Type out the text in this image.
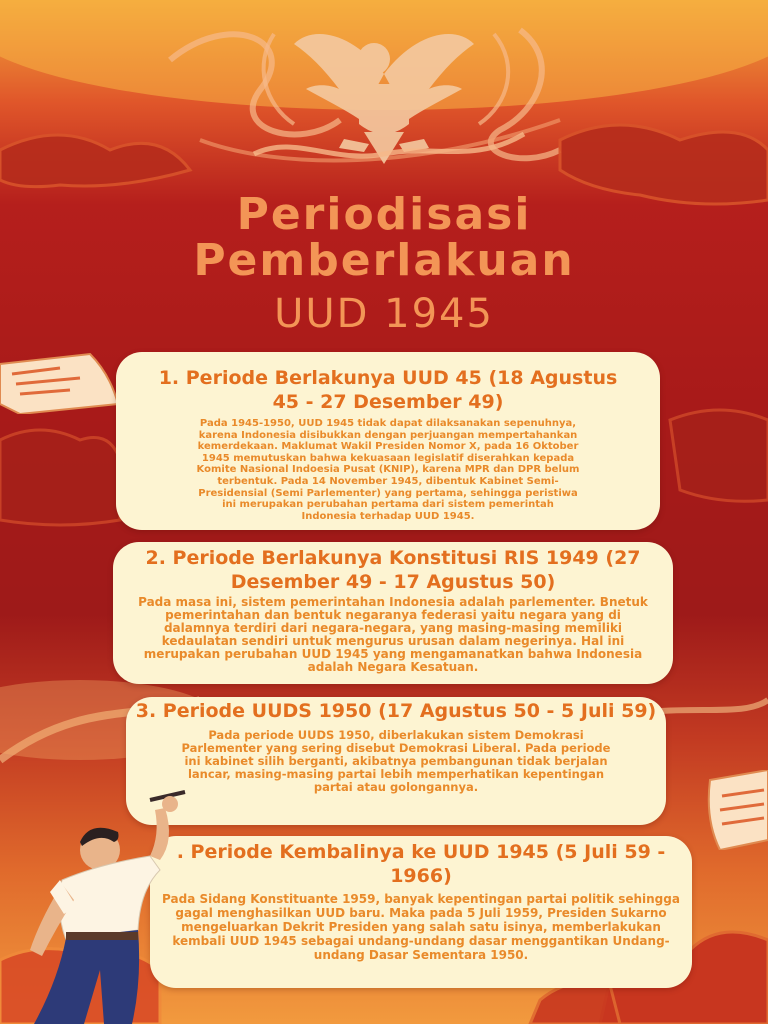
Periodisasi
Pemberlakuan
UUD 1945
1. Periode Berlakunya UUD 45 (18 Agustus 45 - 27 Desember 49)

Pada 1945-1950, UUD 1945 tidak dapat dilaksanakan sepenuhnya, karena Indonesia disibukkan dengan perjuangan mempertahankan kemerdekaan. Maklumat Wakil Presiden Nomor X, pada 16 Oktober 1945 memutuskan bahwa kekuasaan legislatif diserahkan kepada Komite Nasional Indoesia Pusat (KNIP), karena MPR dan DPR belum terbentuk. Pada 14 November 1945, dibentuk Kabinet Semi-Presidensial (Semi Parlementer) yang pertama, sehingga peristiwa ini merupakan perubahan pertama dari sistem pemerintah Indonesia terhadap UUD 1945.

2. Periode Berlakunya Konstitusi RIS 1949 (27 Desember 49 - 17 Agustus 50)

Pada masa ini, sistem pemerintahan Indonesia adalah parlementer. Bnetuk pemerintahan dan bentuk negaranya federasi yaitu negara yang di dalamnya terdiri dari negara-negara, yang masing-masing memiliki kedaulatan sendiri untuk mengurus urusan dalam negerinya. Hal ini merupakan perubahan UUD 1945 yang mengamanatkan bahwa Indonesia adalah Negara Kesatuan.

3. Periode UUDS 1950 (17 Agustus 50 - 5 Juli 59)

Pada periode UUDS 1950, diberlakukan sistem Demokrasi Parlementer yang sering disebut Demokrasi Liberal. Pada periode ini kabinet silih berganti, akibatnya pembangunan tidak berjalan lancar, masing-masing partai lebih memperhatikan kepentingan partai atau golongannya.

. Periode Kembalinya ke UUD 1945 (5 Juli 59 - 1966)

Pada Sidang Konstituante 1959, banyak kepentingan partai politik sehingga gagal menghasilkan UUD baru. Maka pada 5 Juli 1959, Presiden Sukarno mengeluarkan Dekrit Presiden yang salah satu isinya, memberlakukan kembali UUD 1945 sebagai undang-undang dasar menggantikan Undang-undang Dasar Sementara 1950.
